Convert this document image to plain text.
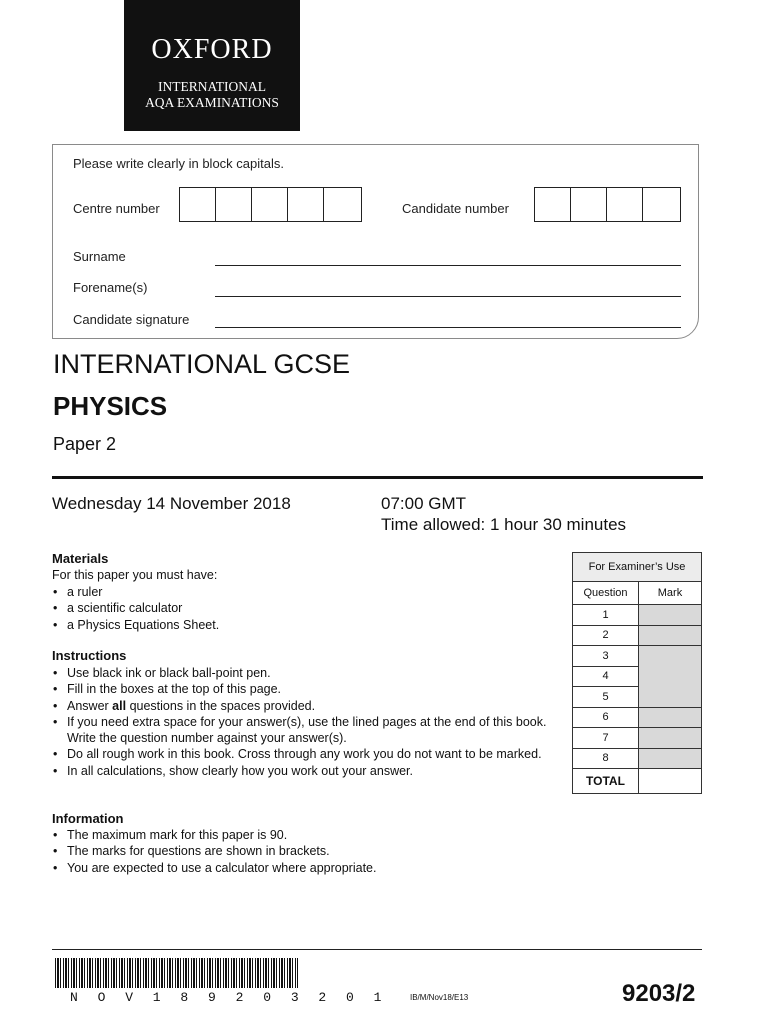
OXFORD
INTERNATIONAL
AQA EXAMINATIONS
Please write clearly in block capitals.
Centre number	Candidate number
Surname
Forename(s)
Candidate signature
INTERNATIONAL GCSE
PHYSICS
Paper 2
Wednesday 14 November 2018	07:00 GMT
Time allowed: 1 hour 30 minutes
Materials
For this paper you must have:
• a ruler
• a scientific calculator
• a Physics Equations Sheet.
Instructions
• Use black ink or black ball-point pen.
• Fill in the boxes at the top of this page.
• Answer all questions in the spaces provided.
• If you need extra space for your answer(s), use the lined pages at the end of this book. Write the question number against your answer(s).
• Do all rough work in this book. Cross through any work you do not want to be marked.
• In all calculations, show clearly how you work out your answer.
Information
• The maximum mark for this paper is 90.
• The marks for questions are shown in brackets.
• You are expected to use a calculator where appropriate.
For Examiner’s Use	
Question	Mark
1	
2	
3	
4	
5	
6	
7	
8	
TOTAL	
N O V 1 8 9 2 0 3 2 0 1	IB/M/Nov18/E13	9203/2
